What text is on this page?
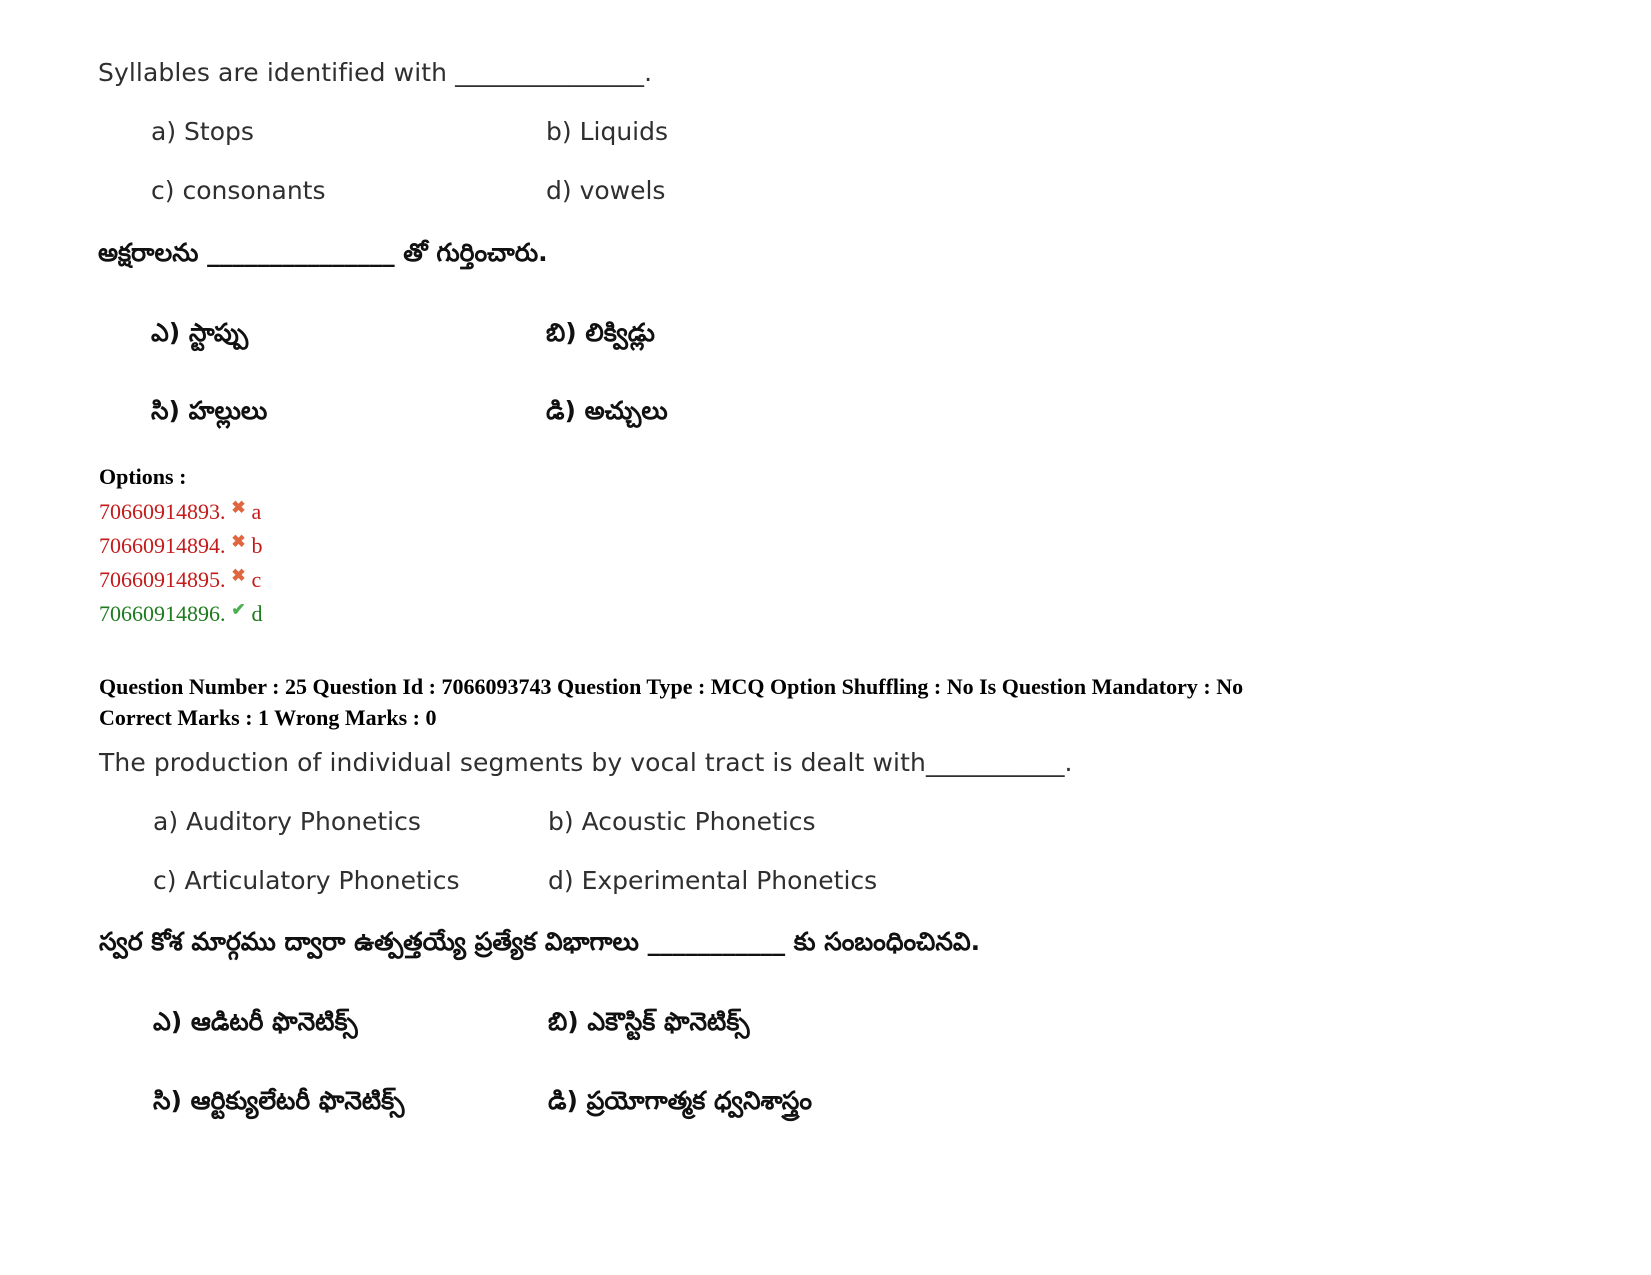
Syllables are identified with _______________.
a) Stops	b) Liquids
c) consonants	d) vowels
అక్షరాలను _______________ తో గుర్తించారు.
ఎ) స్టాప్పు	బి) లిక్విడ్లు
సి) హల్లులు	డి) అచ్చులు
Options :
70660914893. ✖ a
70660914894. ✖ b
70660914895. ✖ c
70660914896. ✔ d
Question Number : 25 Question Id : 7066093743 Question Type : MCQ Option Shuffling : No Is Question Mandatory : No
Correct Marks : 1 Wrong Marks : 0
The production of individual segments by vocal tract is dealt with___________.
a) Auditory Phonetics	b) Acoustic Phonetics
c) Articulatory Phonetics	d) Experimental Phonetics
స్వర కోశ మార్గము ద్వారా ఉత్పత్తయ్యే ప్రత్యేక విభాగాలు ___________ కు సంబంధించినవి.
ఎ) ఆడిటరీ ఫొనెటిక్స్	బి) ఎకౌస్టిక్ ఫొనెటిక్స్
సి) ఆర్టిక్యులేటరీ ఫొనెటిక్స్	డి) ప్రయోగాత్మక ధ్వనిశాస్త్రం
